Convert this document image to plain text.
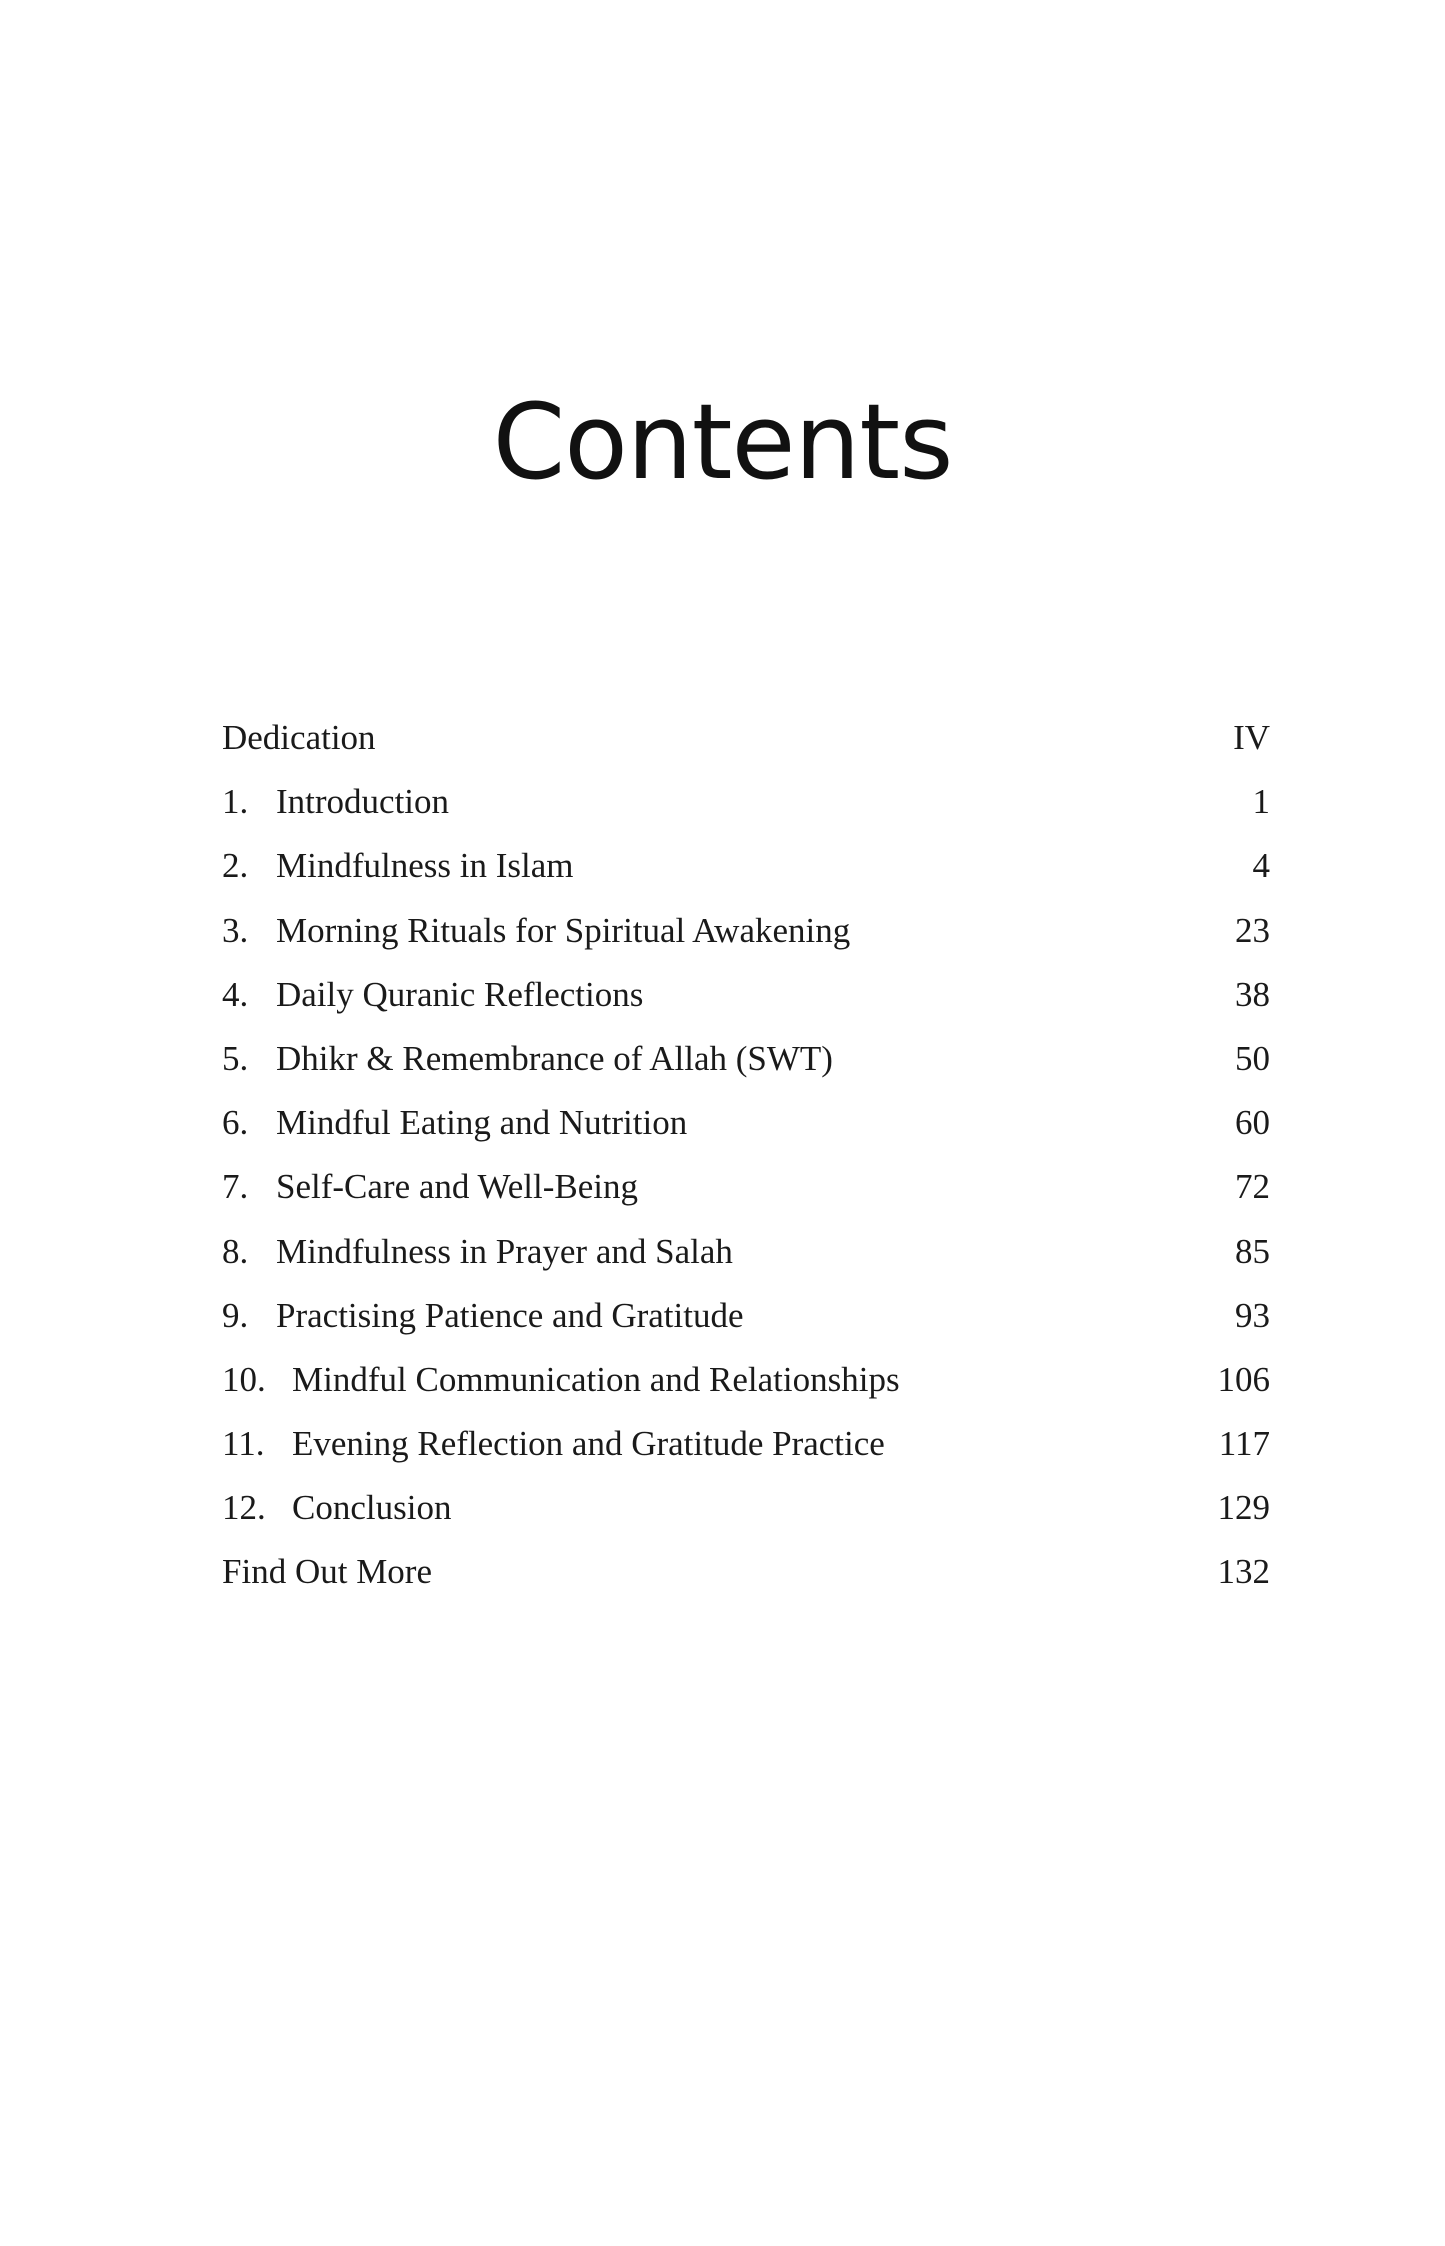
Contents
Dedication	IV
1. Introduction	1
2. Mindfulness in Islam	4
3. Morning Rituals for Spiritual Awakening	23
4. Daily Quranic Reflections	38
5. Dhikr & Remembrance of Allah (SWT)	50
6. Mindful Eating and Nutrition	60
7. Self-Care and Well-Being	72
8. Mindfulness in Prayer and Salah	85
9. Practising Patience and Gratitude	93
10. Mindful Communication and Relationships	106
11. Evening Reflection and Gratitude Practice	117
12. Conclusion	129
Find Out More	132
